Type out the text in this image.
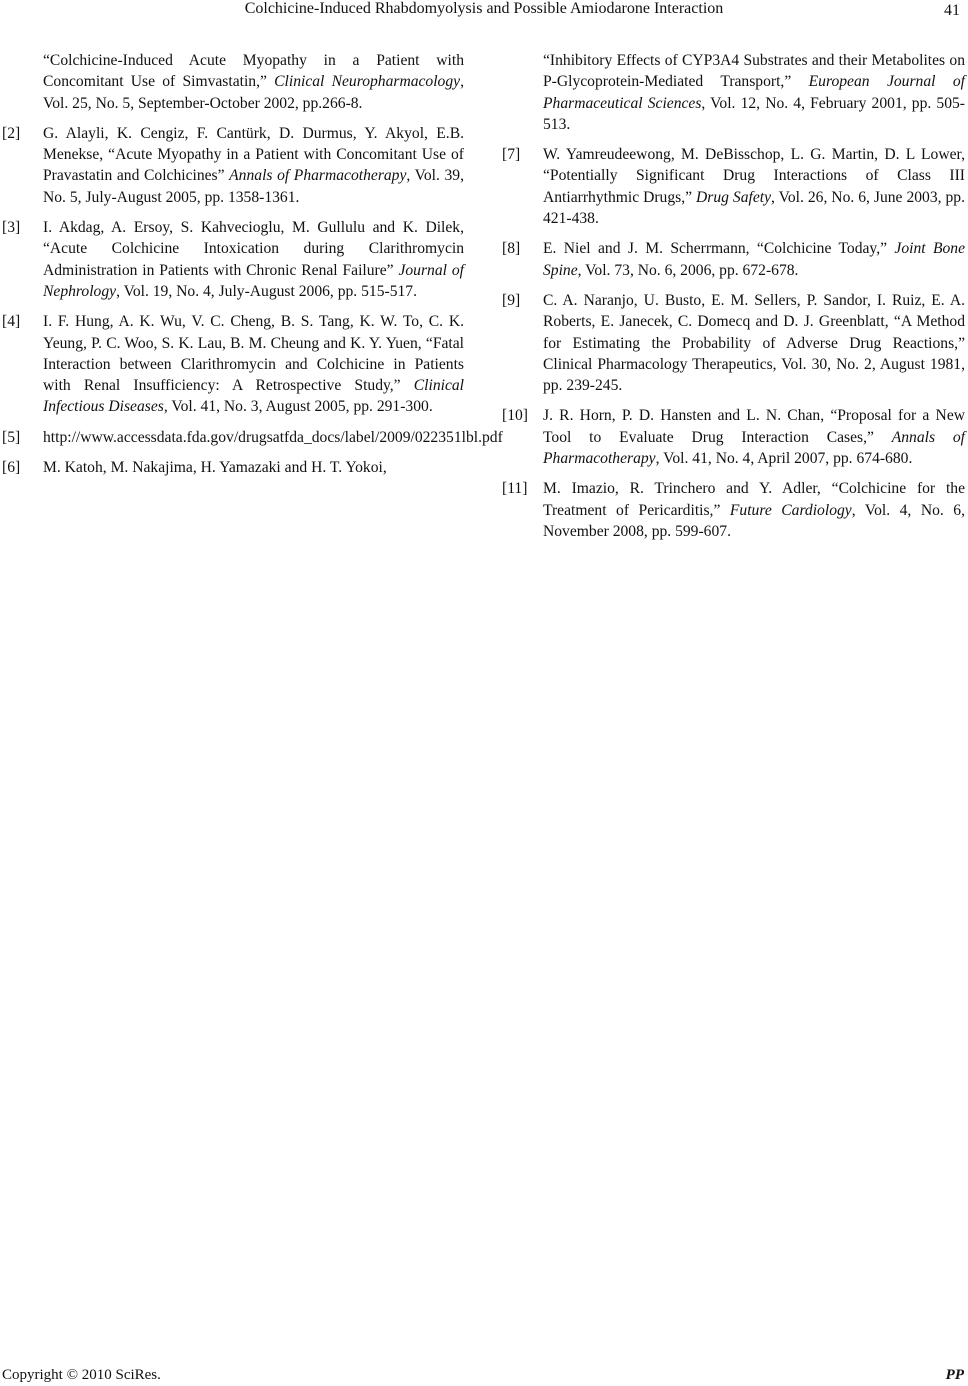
Colchicine-Induced Rhabdomyolysis and Possible Amiodarone Interaction	41
“Colchicine-Induced Acute Myopathy in a Patient with Concomitant Use of Simvastatin,” Clinical Neuropharmacology, Vol. 25, No. 5, September-October 2002, pp.266-8.
[2] G. Alayli, K. Cengiz, F. Cantürk, D. Durmus, Y. Akyol, E.B. Menekse, “Acute Myopathy in a Patient with Concomitant Use of Pravastatin and Colchicines” Annals of Pharmacotherapy, Vol. 39, No. 5, July-August 2005, pp. 1358-1361.
[3] I. Akdag, A. Ersoy, S. Kahvecioglu, M. Gullulu and K. Dilek, “Acute Colchicine Intoxication during Clarithromycin Administration in Patients with Chronic Renal Failure” Journal of Nephrology, Vol. 19, No. 4, July-August 2006, pp. 515-517.
[4] I. F. Hung, A. K. Wu, V. C. Cheng, B. S. Tang, K. W. To, C. K. Yeung, P. C. Woo, S. K. Lau, B. M. Cheung and K. Y. Yuen, “Fatal Interaction between Clarithromycin and Colchicine in Patients with Renal Insufficiency: A Retrospective Study,” Clinical Infectious Diseases, Vol. 41, No. 3, August 2005, pp. 291-300.
[5] http://www.accessdata.fda.gov/drugsatfda_docs/label/2009/022351lbl.pdf
[6] M. Katoh, M. Nakajima, H. Yamazaki and H. T. Yokoi,
“Inhibitory Effects of CYP3A4 Substrates and their Metabolites on P-Glycoprotein-Mediated Transport,” European Journal of Pharmaceutical Sciences, Vol. 12, No. 4, February 2001, pp. 505-513.
[7] W. Yamreudeewong, M. DeBisschop, L. G. Martin, D. L Lower, “Potentially Significant Drug Interactions of Class III Antiarrhythmic Drugs,” Drug Safety, Vol. 26, No. 6, June 2003, pp. 421-438.
[8] E. Niel and J. M. Scherrmann, “Colchicine Today,” Joint Bone Spine, Vol. 73, No. 6, 2006, pp. 672-678.
[9] C. A. Naranjo, U. Busto, E. M. Sellers, P. Sandor, I. Ruiz, E. A. Roberts, E. Janecek, C. Domecq and D. J. Greenblatt, “A Method for Estimating the Probability of Adverse Drug Reactions,” Clinical Pharmacology Therapeutics, Vol. 30, No. 2, August 1981, pp. 239-245.
[10] J. R. Horn, P. D. Hansten and L. N. Chan, “Proposal for a New Tool to Evaluate Drug Interaction Cases,” Annals of Pharmacotherapy, Vol. 41, No. 4, April 2007, pp. 674-680.
[11] M. Imazio, R. Trinchero and Y. Adler, “Colchicine for the Treatment of Pericarditis,” Future Cardiology, Vol. 4, No. 6, November 2008, pp. 599-607.
Copyright © 2010 SciRes.	PP
